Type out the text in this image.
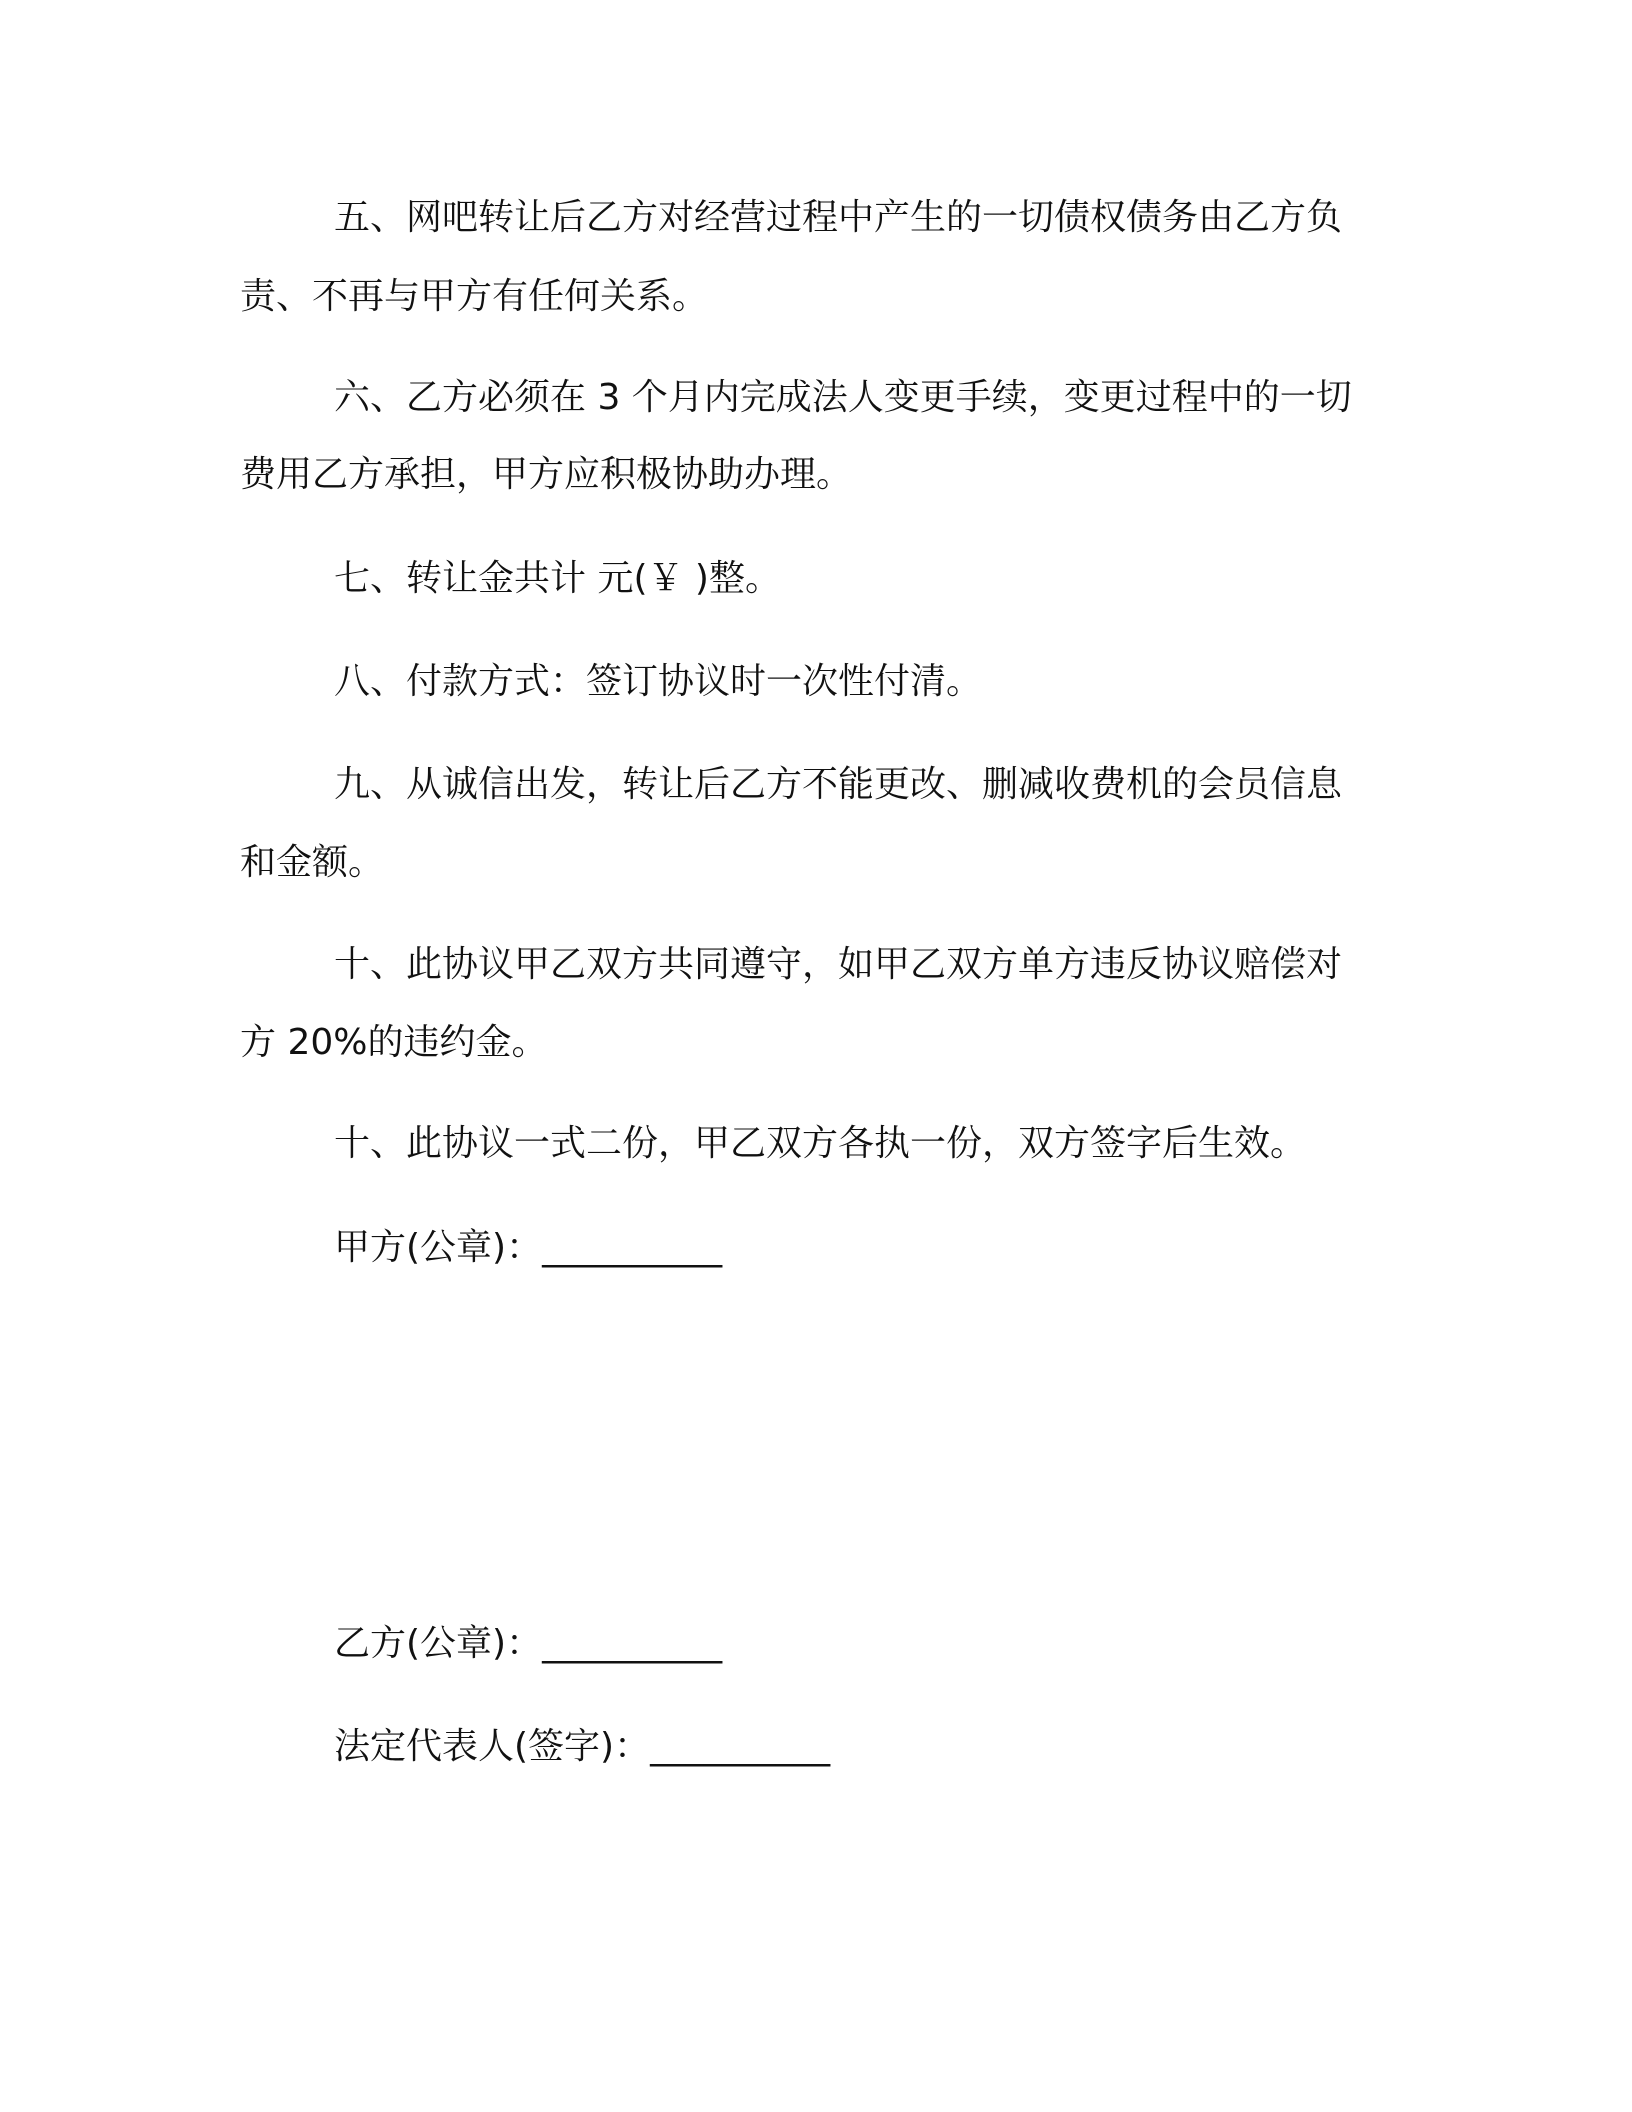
五、网吧转让后乙方对经营过程中产生的一切债权债务由乙方负
责、不再与甲方有任何关系。
六、乙方必须在 3 个月内完成法人变更手续，变更过程中的一切
费用乙方承担，甲方应积极协助办理。
七、转让金共计 元(￥ )整。
八、付款方式：签订协议时一次性付清。
九、从诚信出发，转让后乙方不能更改、删减收费机的会员信息
和金额。
十、此协议甲乙双方共同遵守，如甲乙双方单方违反协议赔偿对
方 20%的违约金。
十、此协议一式二份，甲乙双方各执一份，双方签字后生效。
甲方(公章)：__________
乙方(公章)：__________
法定代表人(签字)：__________
